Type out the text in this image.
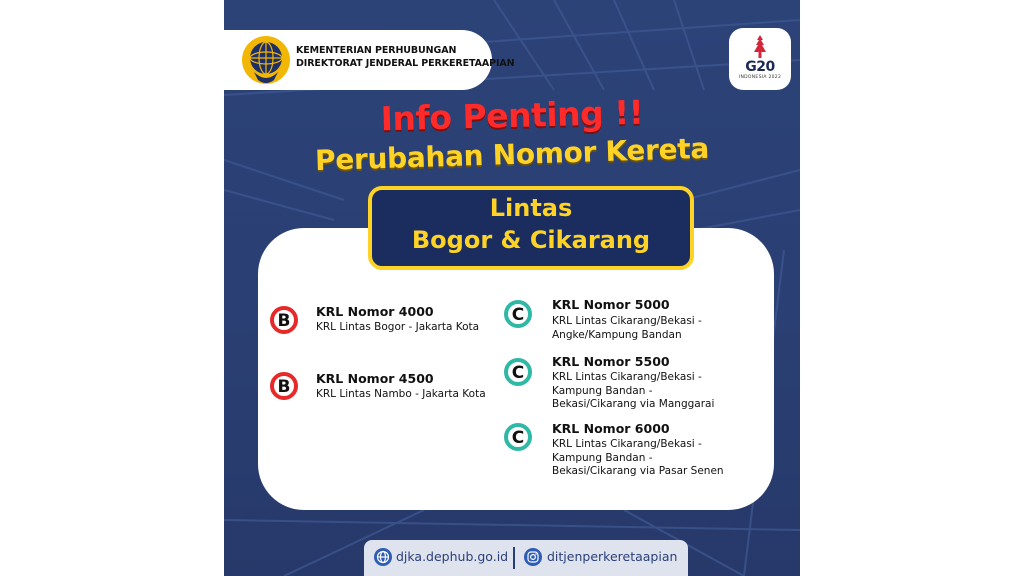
KEMENTERIAN PERHUBUNGAN
DIREKTORAT JENDERAL PERKERETAAPIAN	G20
INDONESIA 2022
Info Penting !!
Perubahan Nomor Kereta
B	KRL Nomor 4000
KRL Lintas Bogor - Jakarta Kota
B	KRL Nomor 4500
KRL Lintas Nambo - Jakarta Kota
C
KRL Nomor 5000
KRL Lintas Cikarang/Bekasi -
Angke/Kampung Bandan
C
KRL Nomor 5500
KRL Lintas Cikarang/Bekasi -
Kampung Bandan -
Bekasi/Cikarang via Manggarai
C	KRL Nomor 6000
KRL Lintas Cikarang/Bekasi -
Kampung Bandan -
Bekasi/Cikarang via Pasar Senen
Lintas
Bogor & Cikarang
djka.dephub.go.id	ditjenperkeretaapian
